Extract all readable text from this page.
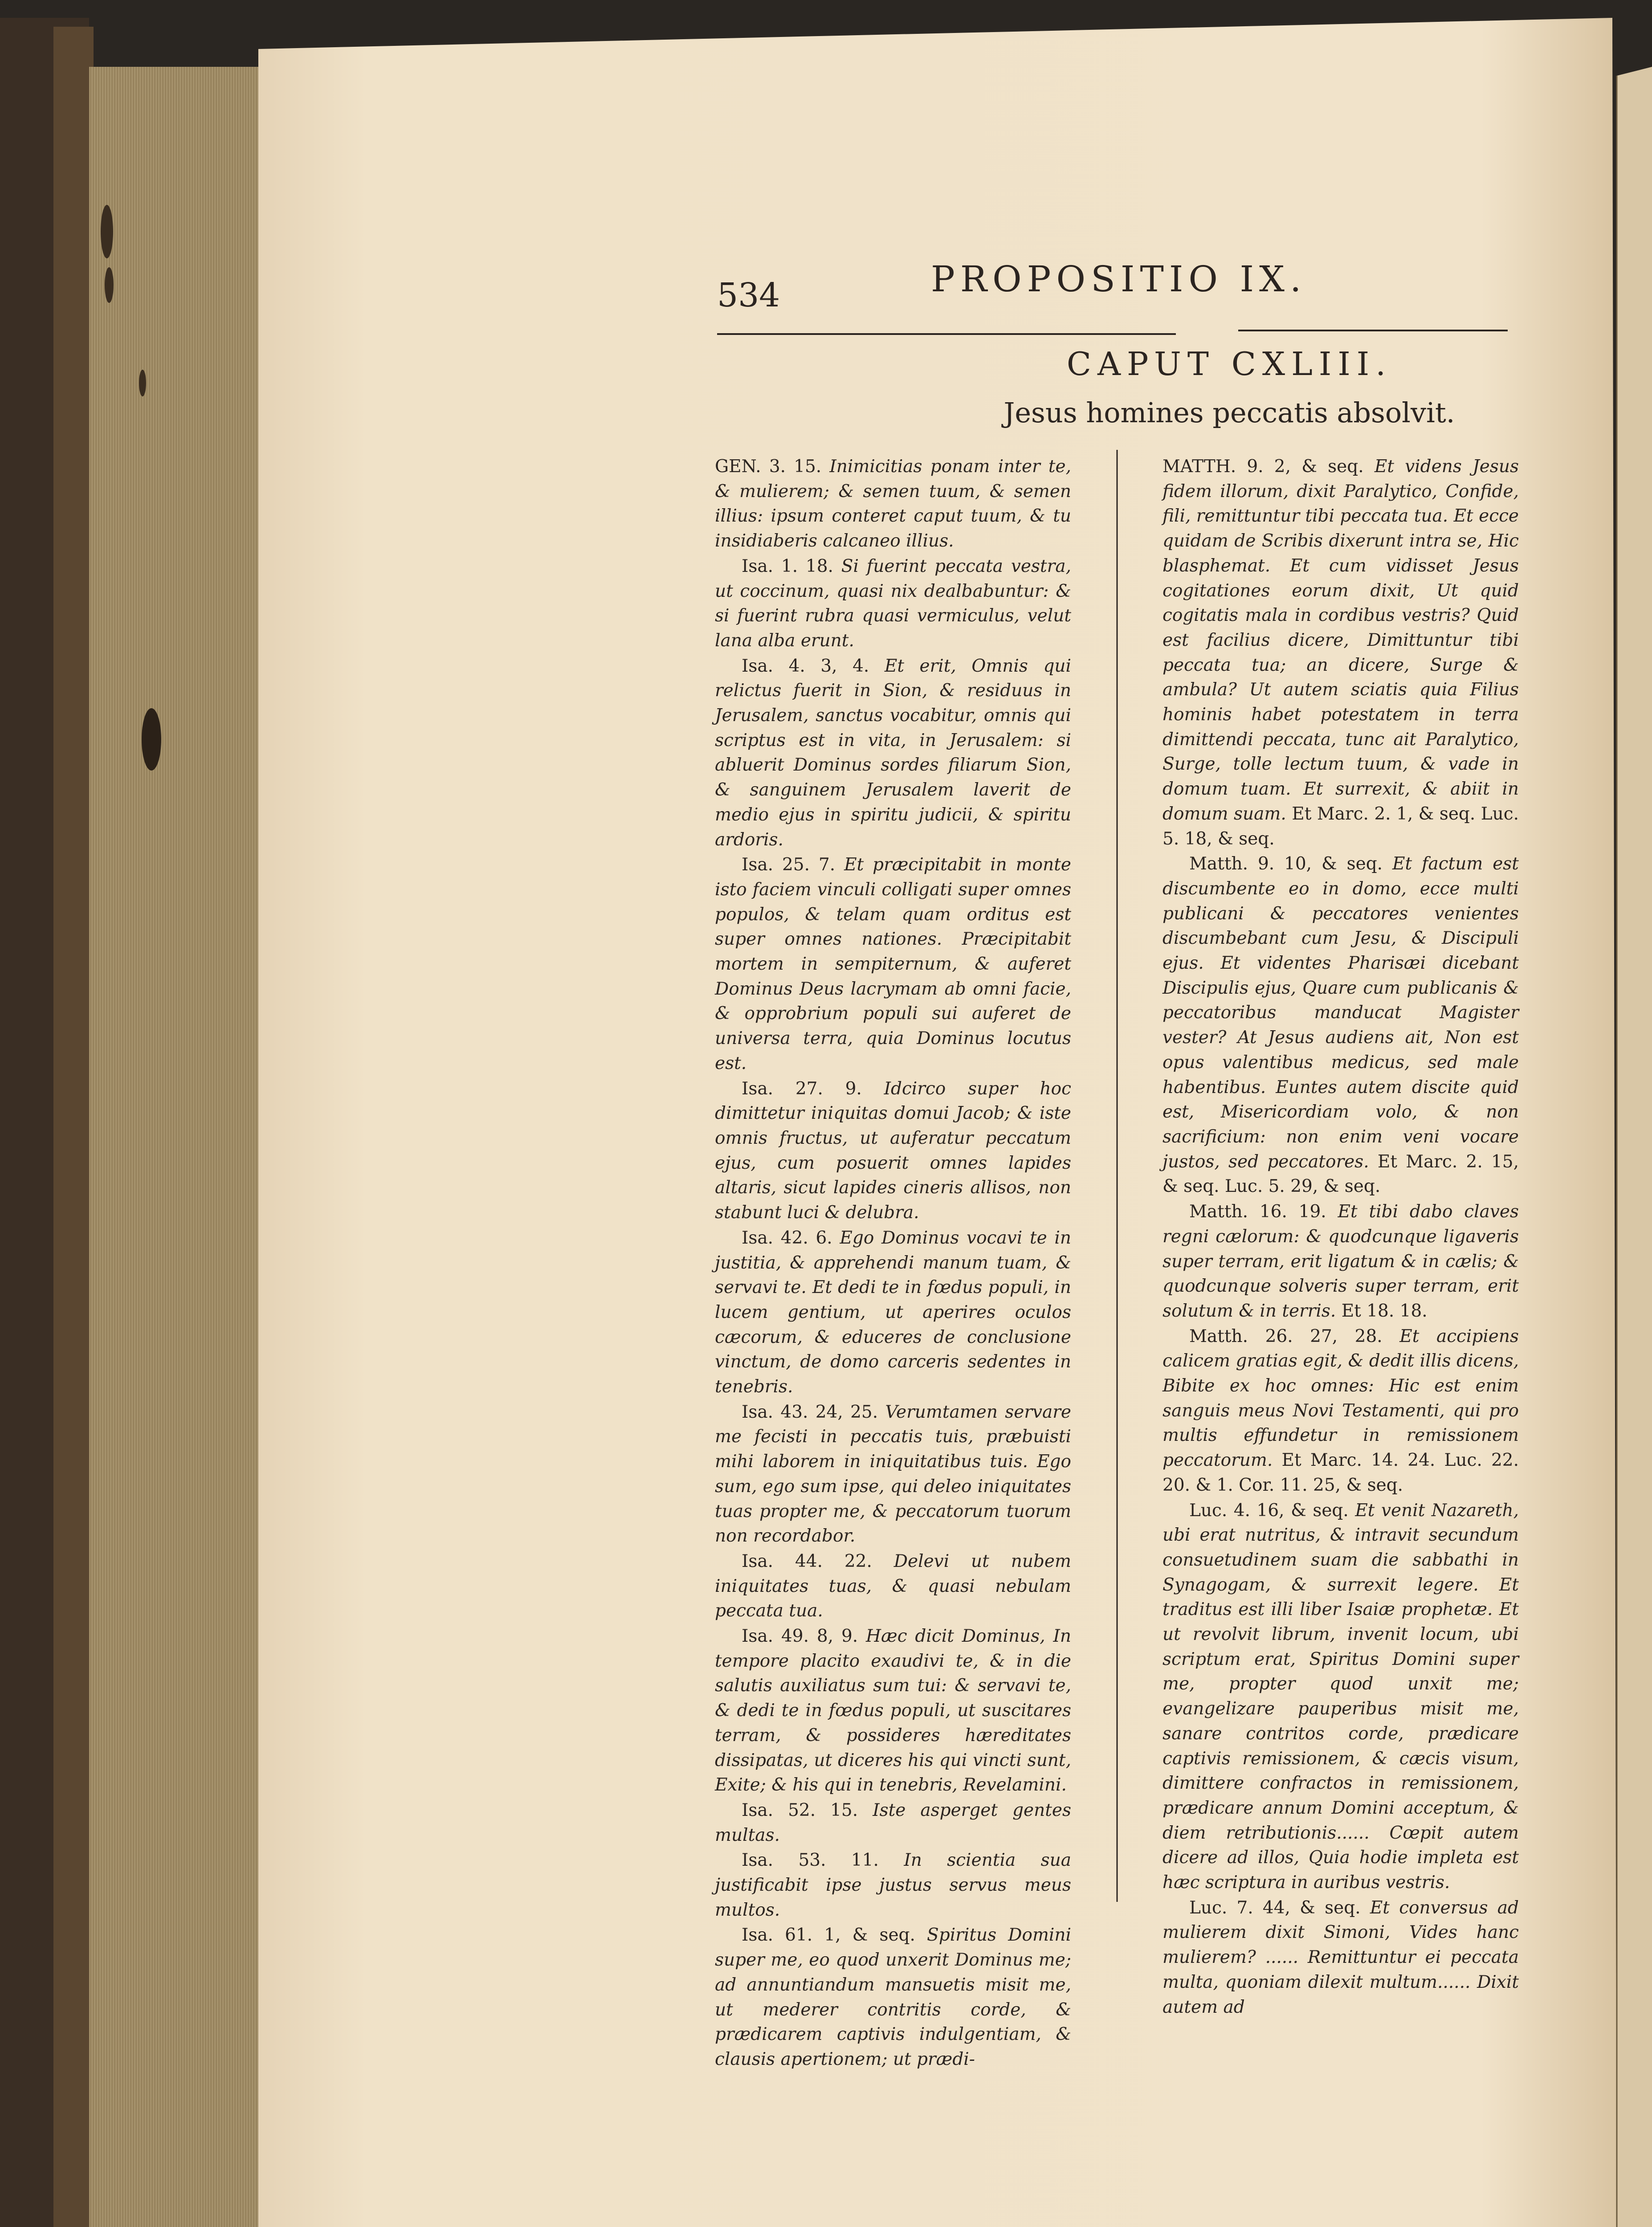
534	PROPOSITIO IX.
CAPUT CXLIII.
Jesus homines peccatis absolvit.

GEN. 3. 15. Inimicitias ponam inter te, & mulierem; & semen tuum, & semen illius: ipsum conteret caput tuum, & tu insidiaberis calcaneo illius.

Isa. 1. 18. Si fuerint peccata vestra, ut coccinum, quasi nix dealbabuntur: & si fuerint rubra quasi vermiculus, velut lana alba erunt.

Isa. 4. 3, 4. Et erit, Omnis qui relictus fuerit in Sion, & residuus in Jerusalem, sanctus vocabitur, omnis qui scriptus est in vita, in Jerusalem: si abluerit Dominus sordes filiarum Sion, & sanguinem Jerusalem laverit de medio ejus in spiritu judicii, & spiritu ardoris.

Isa. 25. 7. Et præcipitabit in monte isto faciem vinculi colligati super omnes populos, & telam quam orditus est super omnes nationes. Præcipitabit mortem in sempiternum, & auferet Dominus Deus lacrymam ab omni facie, & opprobrium populi sui auferet de universa terra, quia Dominus locutus est.

Isa. 27. 9. Idcirco super hoc dimittetur iniquitas domui Jacob; & iste omnis fructus, ut auferatur peccatum ejus, cum posuerit omnes lapides altaris, sicut lapides cineris allisos, non stabunt luci & delubra.

Isa. 42. 6. Ego Dominus vocavi te in justitia, & apprehendi manum tuam, & servavi te. Et dedi te in fœdus populi, in lucem gentium, ut aperires oculos cæcorum, & educeres de conclusione vinctum, de domo carceris sedentes in tenebris.

Isa. 43. 24, 25. Verumtamen servare me fecisti in peccatis tuis, præbuisti mihi laborem in iniquitatibus tuis. Ego sum, ego sum ipse, qui deleo iniquitates tuas propter me, & peccatorum tuorum non recordabor.

Isa. 44. 22. Delevi ut nubem iniquitates tuas, & quasi nebulam peccata tua.

Isa. 49. 8, 9. Hæc dicit Dominus, In tempore placito exaudivi te, & in die salutis auxiliatus sum tui: & servavi te, & dedi te in fœdus populi, ut suscitares terram, & possideres hæreditates dissipatas, ut diceres his qui vincti sunt, Exite; & his qui in tenebris, Revelamini.

Isa. 52. 15. Iste asperget gentes multas.

Isa. 53. 11. In scientia sua justificabit ipse justus servus meus multos.

Isa. 61. 1, & seq. Spiritus Domini super me, eo quod unxerit Dominus me; ad annuntiandum mansuetis misit me, ut mederer contritis corde, & prædicarem captivis indulgentiam, & clausis apertionem; ut prædi-

MATTH. 9. 2, & seq. Et videns Jesus fidem illorum, dixit Paralytico, Confide, fili, remittuntur tibi peccata tua. Et ecce quidam de Scribis dixerunt intra se, Hic blasphemat. Et cum vidisset Jesus cogitationes eorum dixit, Ut quid cogitatis mala in cordibus vestris? Quid est facilius dicere, Dimittuntur tibi peccata tua; an dicere, Surge & ambula? Ut autem sciatis quia Filius hominis habet potestatem in terra dimittendi peccata, tunc ait Paralytico, Surge, tolle lectum tuum, & vade in domum tuam. Et surrexit, & abiit in domum suam. Et Marc. 2. 1, & seq. Luc. 5. 18, & seq.

Matth. 9. 10, & seq. Et factum est discumbente eo in domo, ecce multi publicani & peccatores venientes discumbebant cum Jesu, & Discipuli ejus. Et videntes Pharisæi dicebant Discipulis ejus, Quare cum publicanis & peccatoribus manducat Magister vester? At Jesus audiens ait, Non est opus valentibus medicus, sed male habentibus. Euntes autem discite quid est, Misericordiam volo, & non sacrificium: non enim veni vocare justos, sed peccatores. Et Marc. 2. 15, & seq. Luc. 5. 29, & seq.

Matth. 16. 19. Et tibi dabo claves regni cælorum: & quodcunque ligaveris super terram, erit ligatum & in cælis; & quodcunque solveris super terram, erit solutum & in terris. Et 18. 18.

Matth. 26. 27, 28. Et accipiens calicem gratias egit, & dedit illis dicens, Bibite ex hoc omnes: Hic est enim sanguis meus Novi Testamenti, qui pro multis effundetur in remissionem peccatorum. Et Marc. 14. 24. Luc. 22. 20. & 1. Cor. 11. 25, & seq.

Luc. 4. 16, & seq. Et venit Nazareth, ubi erat nutritus, & intravit secundum consuetudinem suam die sabbathi in Synagogam, & surrexit legere. Et traditus est illi liber Isaiæ prophetæ. Et ut revolvit librum, invenit locum, ubi scriptum erat, Spiritus Domini super me, propter quod unxit me; evangelizare pauperibus misit me, sanare contritos corde, prædicare captivis remissionem, & cæcis visum, dimittere confractos in remissionem, prædicare annum Domini acceptum, & diem retributionis...... Cœpit autem dicere ad illos, Quia hodie impleta est hæc scriptura in auribus vestris.

Luc. 7. 44, & seq. Et conversus ad mulierem dixit Simoni, Vides hanc mulierem? ...... Remittuntur ei peccata multa, quoniam dilexit multum...... Dixit autem ad
